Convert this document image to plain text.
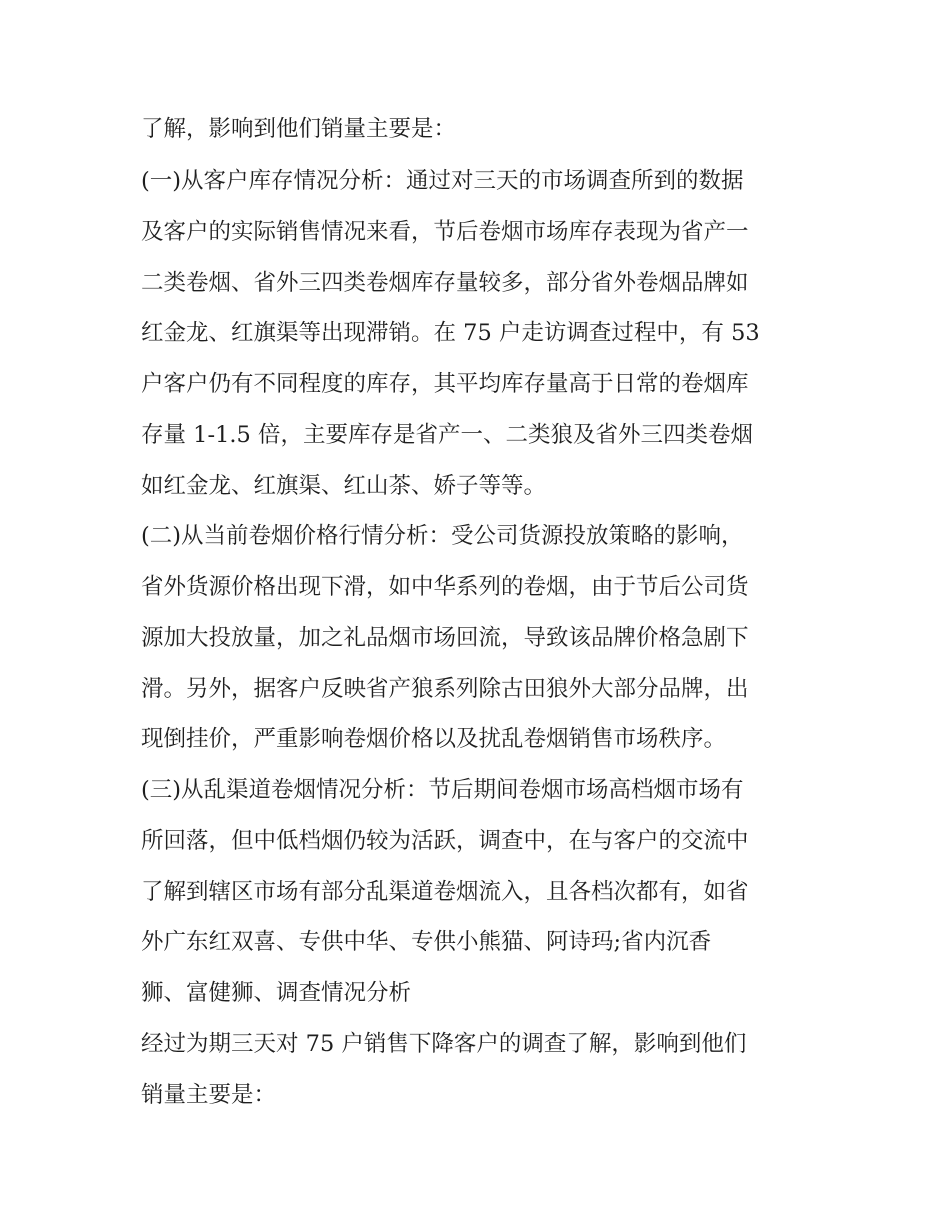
了解，影响到他们销量主要是：

(一)从客户库存情况分析：通过对三天的市场调查所到的数据

及客户的实际销售情况来看，节后卷烟市场库存表现为省产一

二类卷烟、省外三四类卷烟库存量较多，部分省外卷烟品牌如

红金龙、红旗渠等出现滞销。在 75 户走访调查过程中，有 53

户客户仍有不同程度的库存，其平均库存量高于日常的卷烟库

存量 1-1.5 倍，主要库存是省产一、二类狼及省外三四类卷烟

如红金龙、红旗渠、红山茶、娇子等等。

(二)从当前卷烟价格行情分析：受公司货源投放策略的影响，

省外货源价格出现下滑，如中华系列的卷烟，由于节后公司货

源加大投放量，加之礼品烟市场回流，导致该品牌价格急剧下

滑。另外，据客户反映省产狼系列除古田狼外大部分品牌，出

现倒挂价，严重影响卷烟价格以及扰乱卷烟销售市场秩序。

(三)从乱渠道卷烟情况分析：节后期间卷烟市场高档烟市场有

所回落，但中低档烟仍较为活跃，调查中，在与客户的交流中

了解到辖区市场有部分乱渠道卷烟流入，且各档次都有，如省

外广东红双喜、专供中华、专供小熊猫、阿诗玛;省内沉香

狮、富健狮、调查情况分析

经过为期三天对 75 户销售下降客户的调查了解，影响到他们

销量主要是：
